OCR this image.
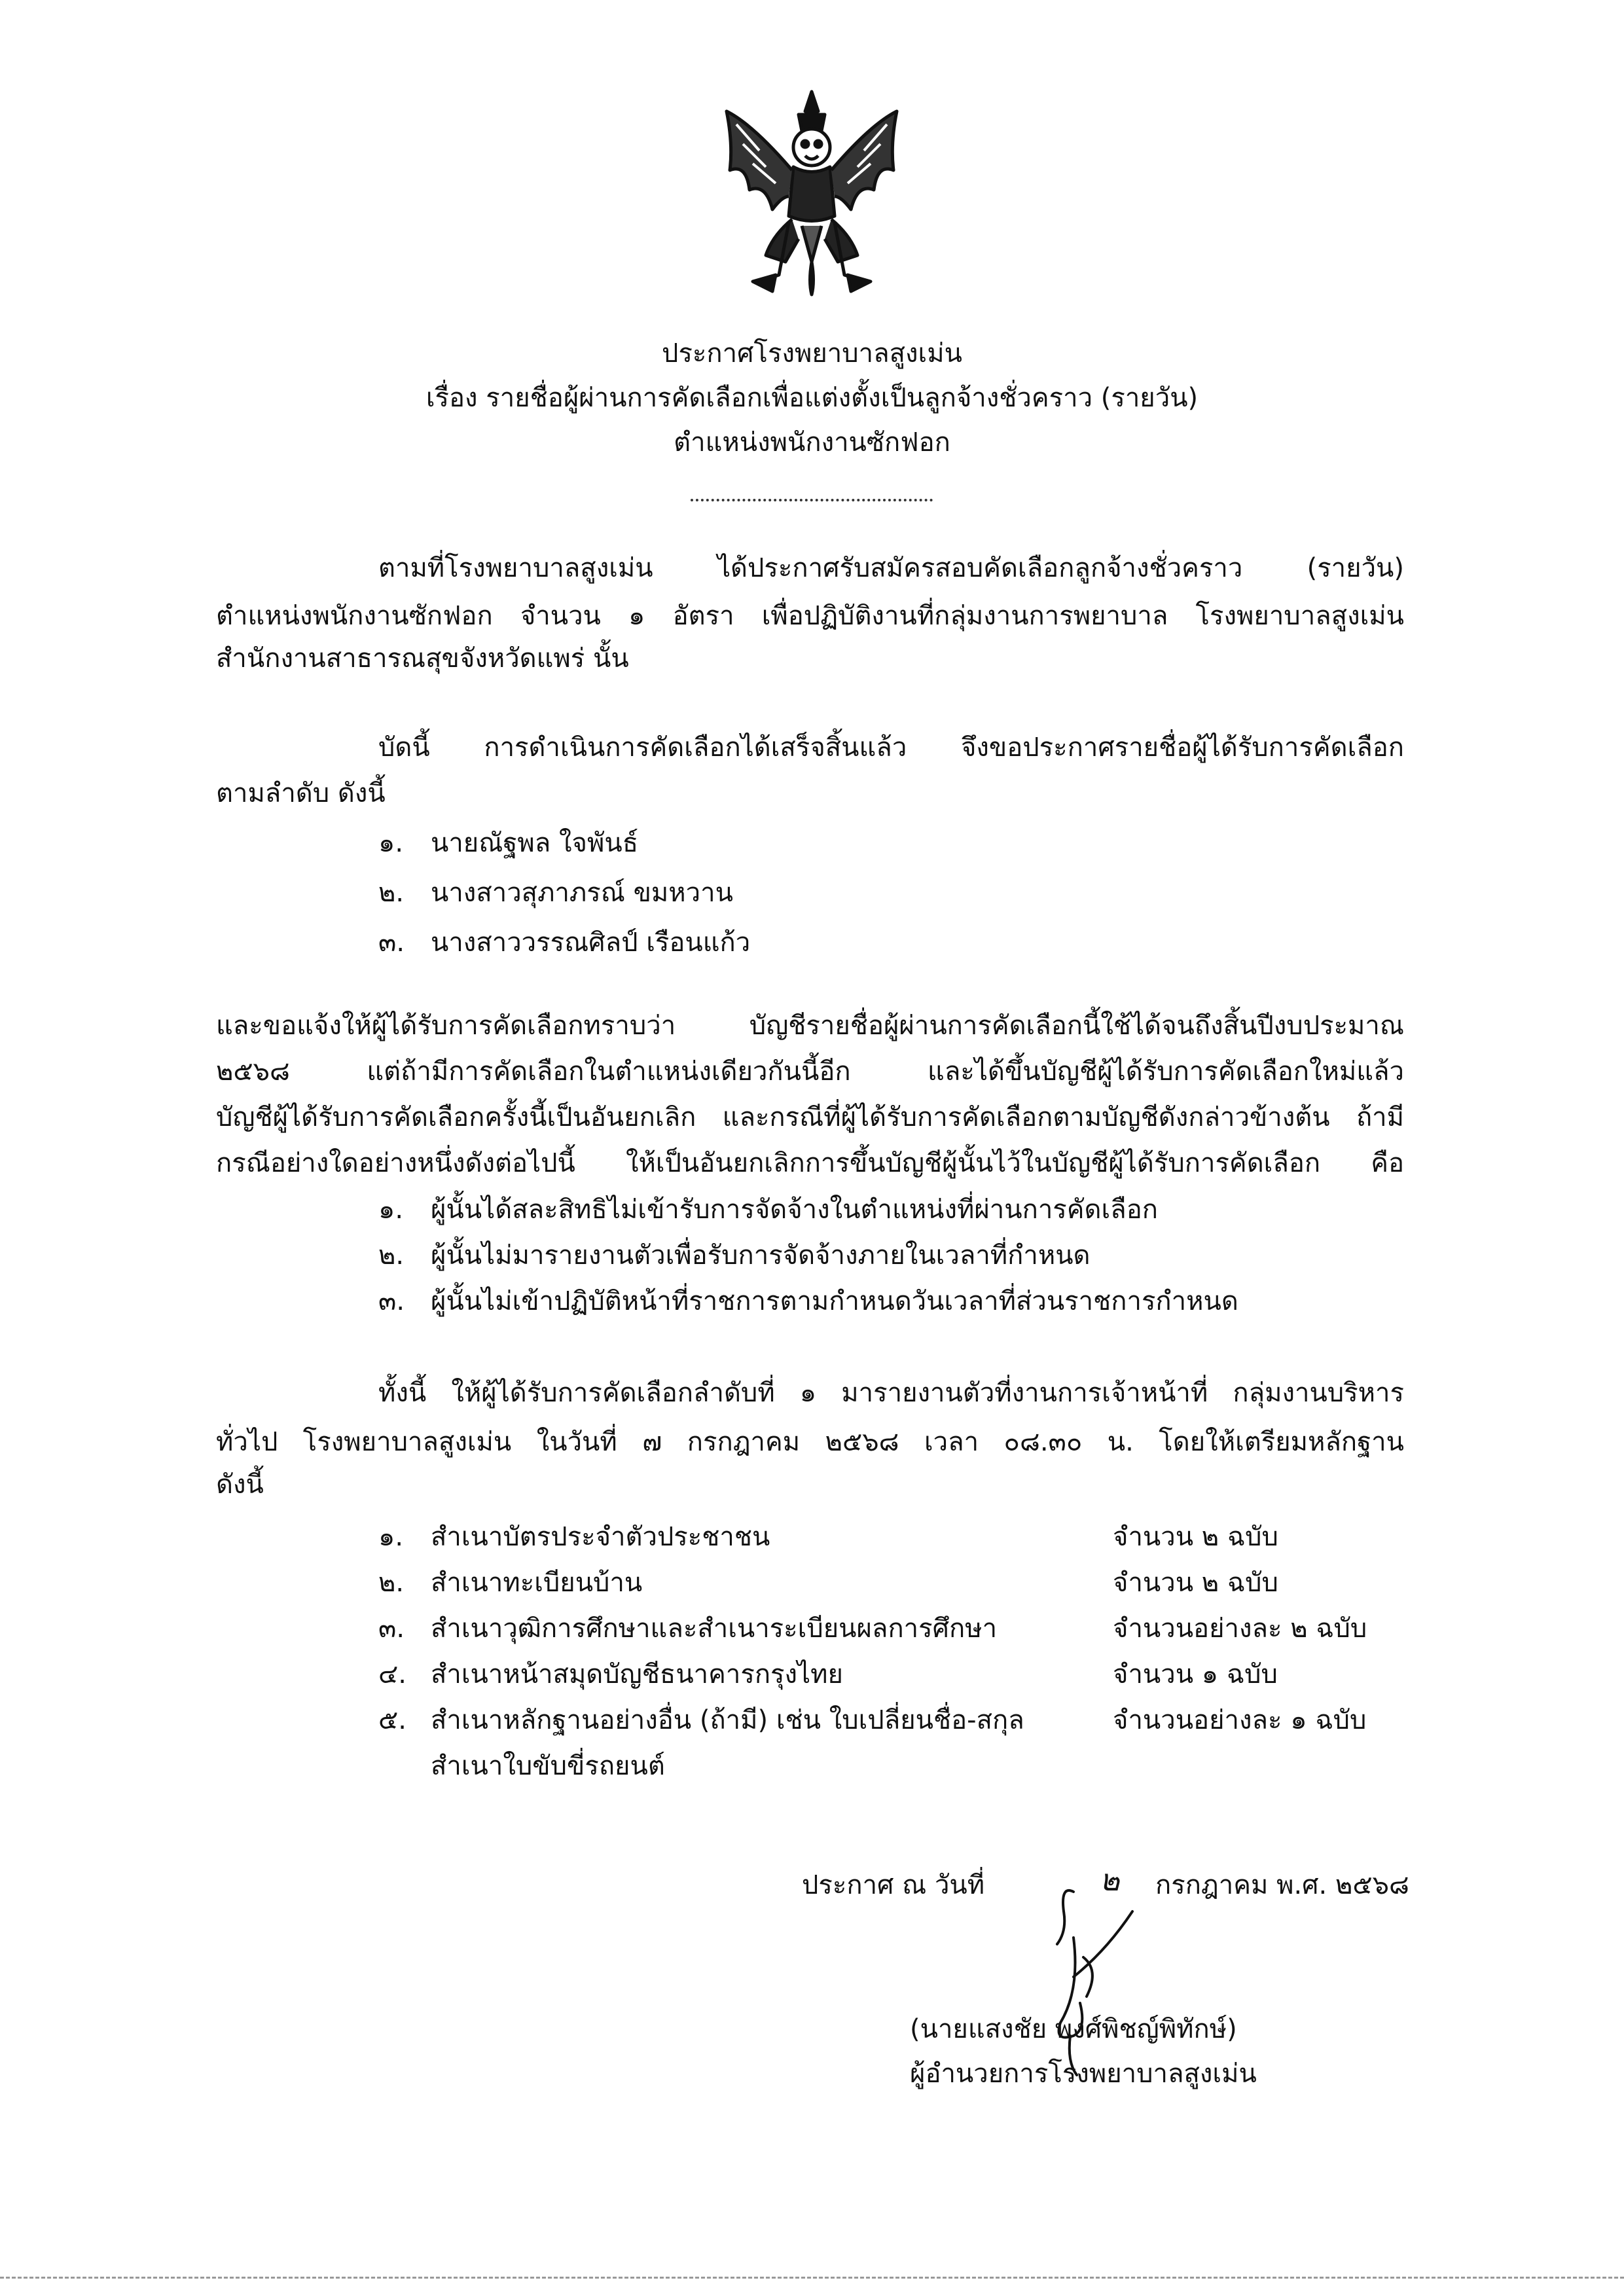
ประกาศโรงพยาบาลสูงเม่น
เรื่อง รายชื่อผู้ผ่านการคัดเลือกเพื่อแต่งตั้งเป็นลูกจ้างชั่วคราว (รายวัน)
ตำแหน่งพนักงานซักฟอก
ตามที่โรงพยาบาลสูงเม่น ได้ประกาศรับสมัครสอบคัดเลือกลูกจ้างชั่วคราว (รายวัน)
ตำแหน่งพนักงานซักฟอก จำนวน ๑ อัตรา เพื่อปฏิบัติงานที่กลุ่มงานการพยาบาล โรงพยาบาลสูงเม่น
สำนักงานสาธารณสุขจังหวัดแพร่ นั้น
บัดนี้ การดำเนินการคัดเลือกได้เสร็จสิ้นแล้ว จึงขอประกาศรายชื่อผู้ได้รับการคัดเลือก
ตามลำดับ ดังนี้
๑. นายณัฐพล ใจพันธ์
๒. นางสาวสุภาภรณ์ ขมหวาน
๓. นางสาววรรณศิลป์ เรือนแก้ว
และขอแจ้งให้ผู้ได้รับการคัดเลือกทราบว่า บัญชีรายชื่อผู้ผ่านการคัดเลือกนี้ใช้ได้จนถึงสิ้นปีงบประมาณ
๒๕๖๘ แต่ถ้ามีการคัดเลือกในตำแหน่งเดียวกันนี้อีก และได้ขึ้นบัญชีผู้ได้รับการคัดเลือกใหม่แล้ว
บัญชีผู้ได้รับการคัดเลือกครั้งนี้เป็นอันยกเลิก และกรณีที่ผู้ได้รับการคัดเลือกตามบัญชีดังกล่าวข้างต้น ถ้ามี
กรณีอย่างใดอย่างหนึ่งดังต่อไปนี้ ให้เป็นอันยกเลิกการขึ้นบัญชีผู้นั้นไว้ในบัญชีผู้ได้รับการคัดเลือก คือ
๑. ผู้นั้นได้สละสิทธิไม่เข้ารับการจัดจ้างในตำแหน่งที่ผ่านการคัดเลือก
๒. ผู้นั้นไม่มารายงานตัวเพื่อรับการจัดจ้างภายในเวลาที่กำหนด
๓. ผู้นั้นไม่เข้าปฏิบัติหน้าที่ราชการตามกำหนดวันเวลาที่ส่วนราชการกำหนด
ทั้งนี้ ให้ผู้ได้รับการคัดเลือกลำดับที่ ๑ มารายงานตัวที่งานการเจ้าหน้าที่ กลุ่มงานบริหาร
ทั่วไป โรงพยาบาลสูงเม่น ในวันที่ ๗ กรกฎาคม ๒๕๖๘ เวลา ๐๘.๓๐ น. โดยให้เตรียมหลักฐาน
ดังนี้
๑. สำเนาบัตรประจำตัวประชาชน	จำนวน ๒ ฉบับ
๒. สำเนาทะเบียนบ้าน	จำนวน ๒ ฉบับ
๓. สำเนาวุฒิการศึกษาและสำเนาระเบียนผลการศึกษา	จำนวนอย่างละ ๒ ฉบับ
๔. สำเนาหน้าสมุดบัญชีธนาคารกรุงไทย	จำนวน ๑ ฉบับ
๕. สำเนาหลักฐานอย่างอื่น (ถ้ามี) เช่น ใบเปลี่ยนชื่อ-สกุล	จำนวนอย่างละ ๑ ฉบับ
สำเนาใบขับขี่รถยนต์
ประกาศ ณ วันที่	๒ กรกฎาคม พ.ศ. ๒๕๖๘
(นายแสงชัย พงศ์พิชญ์พิทักษ์)
ผู้อำนวยการโรงพยาบาลสูงเม่น
